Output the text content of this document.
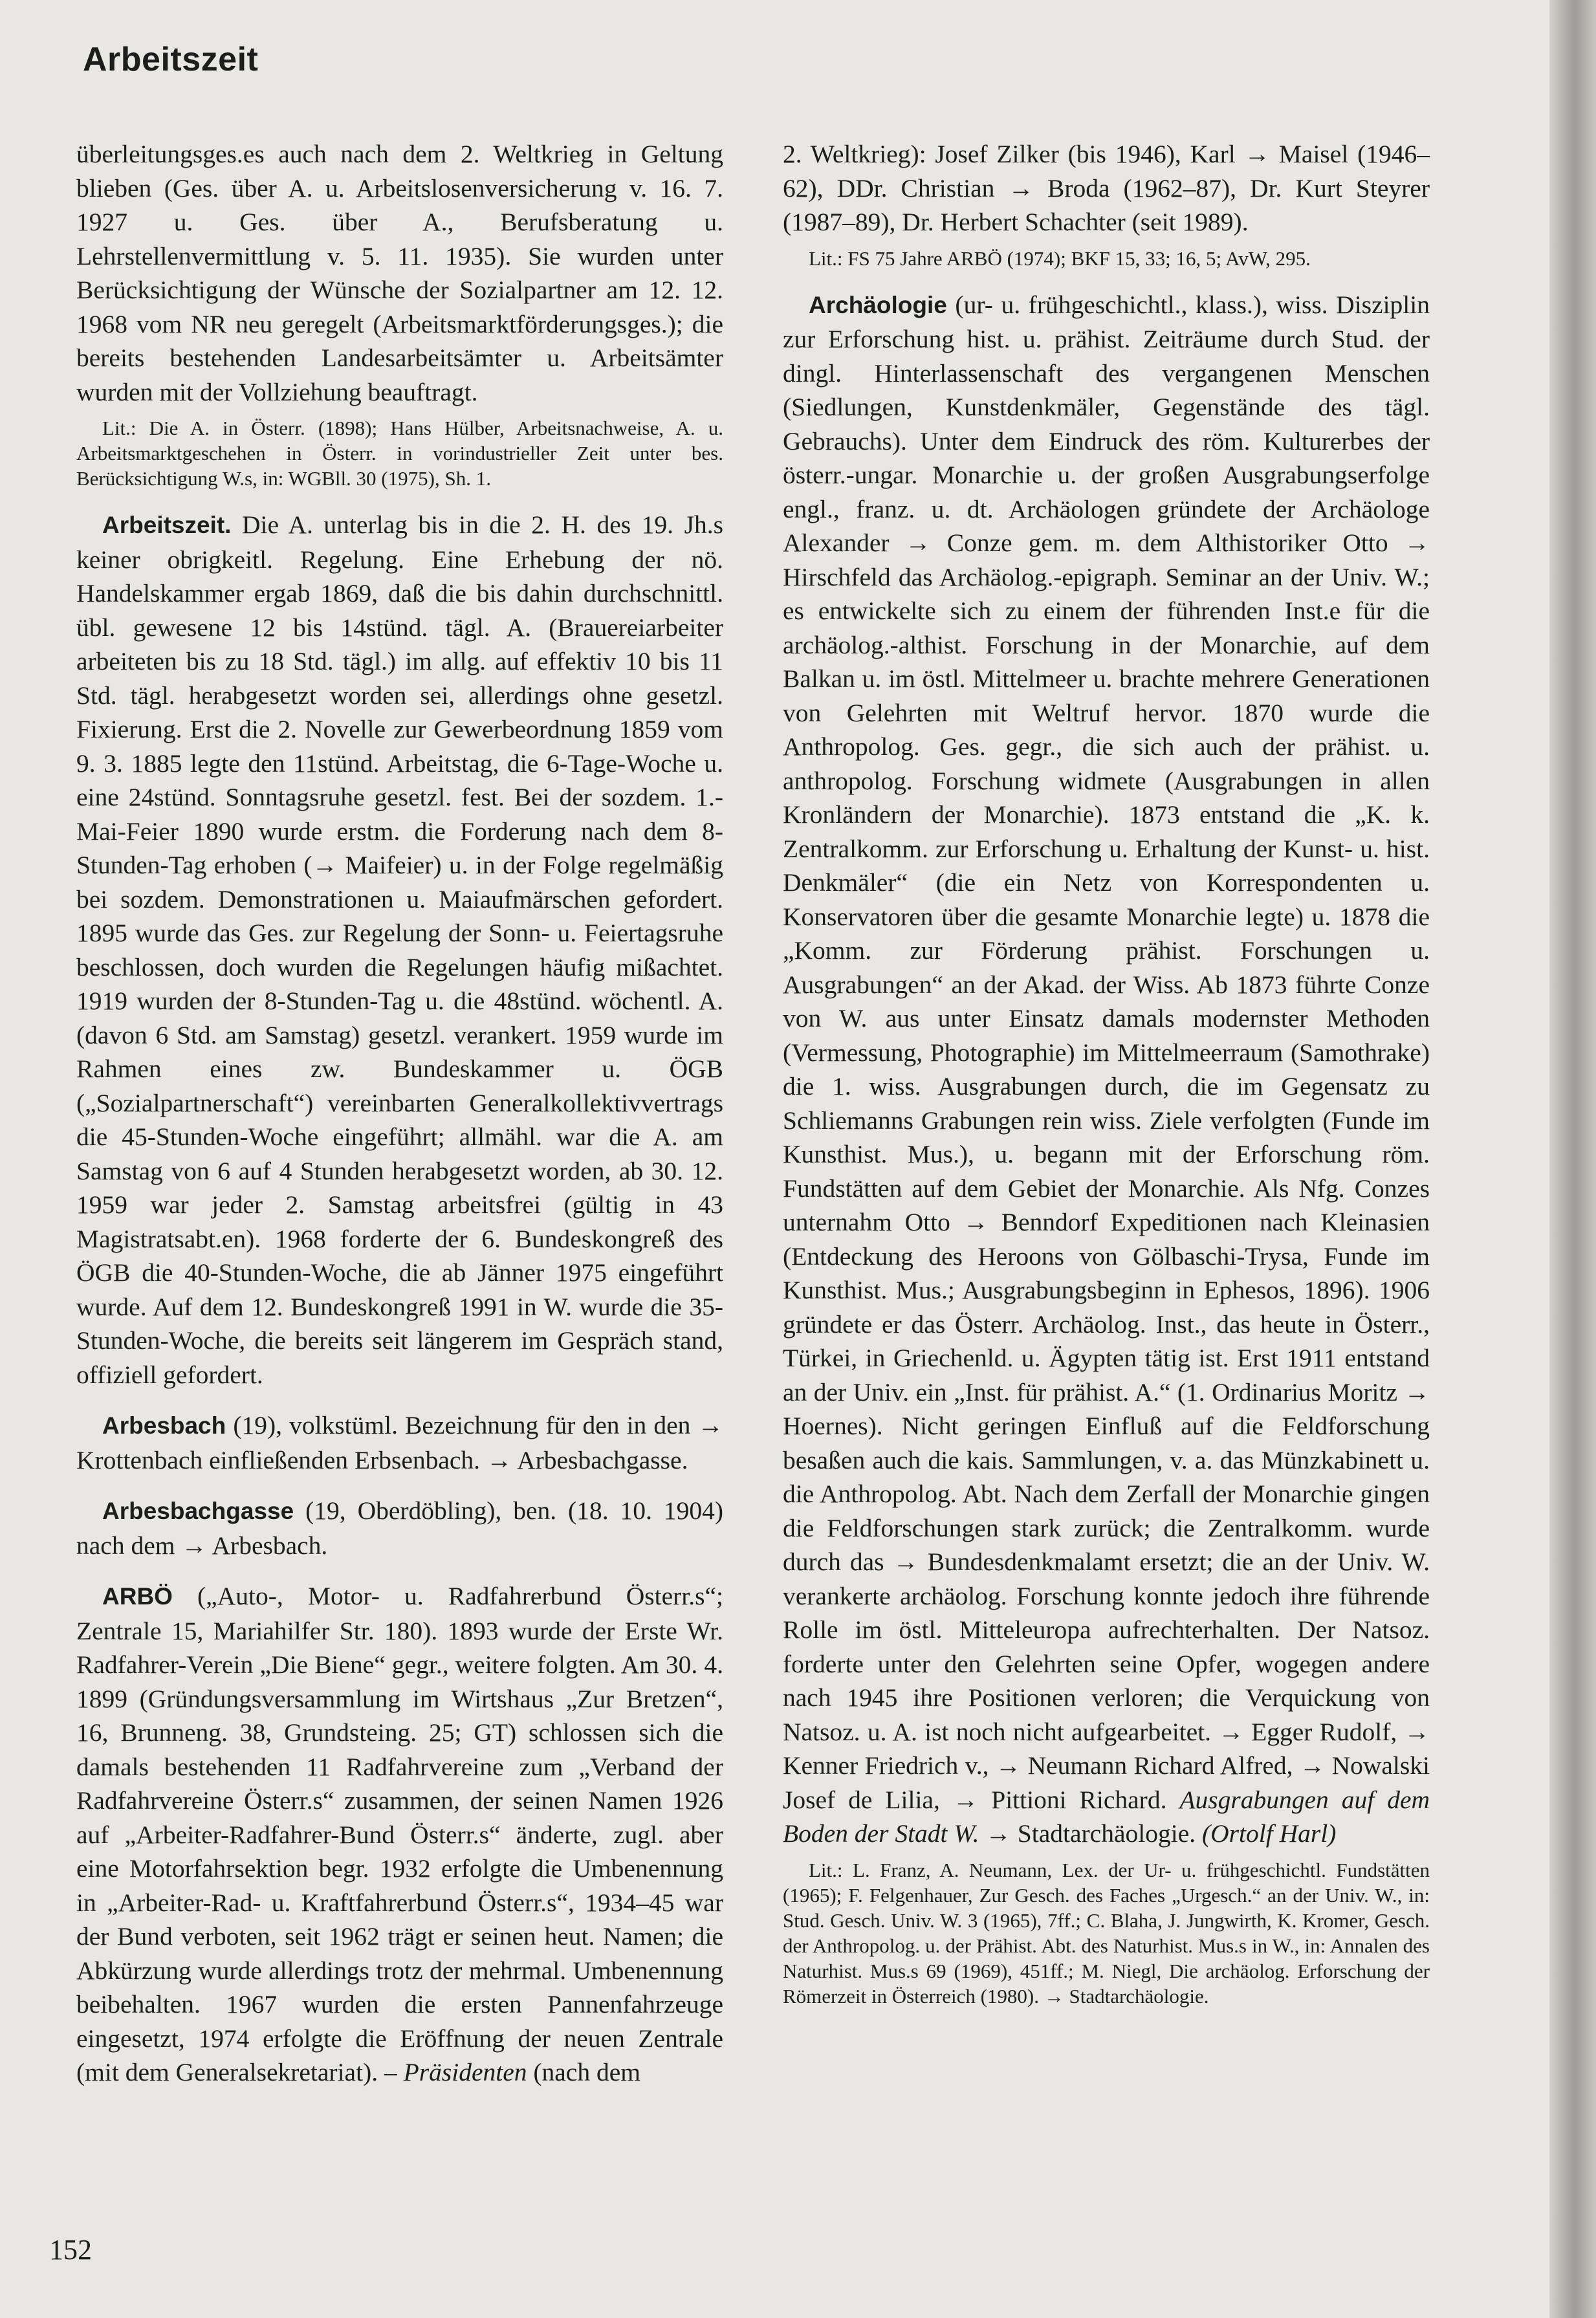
Arbeitszeit

überleitungsges.es auch nach dem 2. Weltkrieg in Geltung blieben (Ges. über A. u. Arbeitslosenversicherung v. 16. 7. 1927 u. Ges. über A., Berufsberatung u. Lehrstellenvermittlung v. 5. 11. 1935). Sie wurden unter Berücksichtigung der Wünsche der Sozialpartner am 12. 12. 1968 vom NR neu geregelt (Arbeitsmarktförderungsges.); die bereits bestehenden Landesarbeitsämter u. Arbeitsämter wurden mit der Vollziehung beauftragt.

Lit.: Die A. in Österr. (1898); Hans Hülber, Arbeitsnachweise, A. u. Arbeitsmarktgeschehen in Österr. in vorindustrieller Zeit unter bes. Berücksichtigung W.s, in: WGBll. 30 (1975), Sh. 1.

Arbeitszeit. Die A. unterlag bis in die 2. H. des 19. Jh.s keiner obrigkeitl. Regelung. Eine Erhebung der nö. Handelskammer ergab 1869, daß die bis dahin durchschnittl. übl. gewesene 12 bis 14stünd. tägl. A. (Brauereiarbeiter arbeiteten bis zu 18 Std. tägl.) im allg. auf effektiv 10 bis 11 Std. tägl. herabgesetzt worden sei, allerdings ohne gesetzl. Fixierung. Erst die 2. Novelle zur Gewerbeordnung 1859 vom 9. 3. 1885 legte den 11stünd. Arbeitstag, die 6-Tage-Woche u. eine 24stünd. Sonntagsruhe gesetzl. fest. Bei der sozdem. 1.-Mai-Feier 1890 wurde erstm. die Forderung nach dem 8-Stunden-Tag erhoben (→ Maifeier) u. in der Folge regelmäßig bei sozdem. Demonstrationen u. Maiaufmärschen gefordert. 1895 wurde das Ges. zur Regelung der Sonn- u. Feiertagsruhe beschlossen, doch wurden die Regelungen häufig mißachtet. 1919 wurden der 8-Stunden-Tag u. die 48stünd. wöchentl. A. (davon 6 Std. am Samstag) gesetzl. verankert. 1959 wurde im Rahmen eines zw. Bundeskammer u. ÖGB („Sozialpartnerschaft“) vereinbarten Generalkollektivvertrags die 45-Stunden-Woche eingeführt; allmähl. war die A. am Samstag von 6 auf 4 Stunden herabgesetzt worden, ab 30. 12. 1959 war jeder 2. Samstag arbeitsfrei (gültig in 43 Magistratsabt.en). 1968 forderte der 6. Bundeskongreß des ÖGB die 40-Stunden-Woche, die ab Jänner 1975 eingeführt wurde. Auf dem 12. Bundeskongreß 1991 in W. wurde die 35-Stunden-Woche, die bereits seit längerem im Gespräch stand, offiziell gefordert.

Arbesbach (19), volkstüml. Bezeichnung für den in den → Krottenbach einfließenden Erbsenbach. → Arbesbachgasse.

Arbesbachgasse (19, Oberdöbling), ben. (18. 10. 1904) nach dem → Arbesbach.

ARBÖ („Auto-, Motor- u. Radfahrerbund Österr.s“; Zentrale 15, Mariahilfer Str. 180). 1893 wurde der Erste Wr. Radfahrer-Verein „Die Biene“ gegr., weitere folgten. Am 30. 4. 1899 (Gründungsversammlung im Wirtshaus „Zur Bretzen“, 16, Brunneng. 38, Grundsteing. 25; GT) schlossen sich die damals bestehenden 11 Radfahrvereine zum „Verband der Radfahrvereine Österr.s“ zusammen, der seinen Namen 1926 auf „Arbeiter-Radfahrer-Bund Österr.s“ änderte, zugl. aber eine Motorfahrsektion begr. 1932 erfolgte die Umbenennung in „Arbeiter-Rad- u. Kraftfahrerbund Österr.s“, 1934–45 war der Bund verboten, seit 1962 trägt er seinen heut. Namen; die Abkürzung wurde allerdings trotz der mehrmal. Umbenennung beibehalten. 1967 wurden die ersten Pannenfahrzeuge eingesetzt, 1974 erfolgte die Eröffnung der neuen Zentrale (mit dem Generalsekretariat). – Präsidenten (nach dem

2. Weltkrieg): Josef Zilker (bis 1946), Karl → Maisel (1946–62), DDr. Christian → Broda (1962–87), Dr. Kurt Steyrer (1987–89), Dr. Herbert Schachter (seit 1989).

Lit.: FS 75 Jahre ARBÖ (1974); BKF 15, 33; 16, 5; AvW, 295.

Archäologie (ur- u. frühgeschichtl., klass.), wiss. Disziplin zur Erforschung hist. u. prähist. Zeiträume durch Stud. der dingl. Hinterlassenschaft des vergangenen Menschen (Siedlungen, Kunstdenkmäler, Gegenstände des tägl. Gebrauchs). Unter dem Eindruck des röm. Kulturerbes der österr.-ungar. Monarchie u. der großen Ausgrabungserfolge engl., franz. u. dt. Archäologen gründete der Archäologe Alexander → Conze gem. m. dem Althistoriker Otto → Hirschfeld das Archäolog.-epigraph. Seminar an der Univ. W.; es entwickelte sich zu einem der führenden Inst.e für die archäolog.-althist. Forschung in der Monarchie, auf dem Balkan u. im östl. Mittelmeer u. brachte mehrere Generationen von Gelehrten mit Weltruf hervor. 1870 wurde die Anthropolog. Ges. gegr., die sich auch der prähist. u. anthropolog. Forschung widmete (Ausgrabungen in allen Kronländern der Monarchie). 1873 entstand die „K. k. Zentralkomm. zur Erforschung u. Erhaltung der Kunst- u. hist. Denkmäler“ (die ein Netz von Korrespondenten u. Konservatoren über die gesamte Monarchie legte) u. 1878 die „Komm. zur Förderung prähist. Forschungen u. Ausgrabungen“ an der Akad. der Wiss. Ab 1873 führte Conze von W. aus unter Einsatz damals modernster Methoden (Vermessung, Photographie) im Mittelmeerraum (Samothrake) die 1. wiss. Ausgrabungen durch, die im Gegensatz zu Schliemanns Grabungen rein wiss. Ziele verfolgten (Funde im Kunsthist. Mus.), u. begann mit der Erforschung röm. Fundstätten auf dem Gebiet der Monarchie. Als Nfg. Conzes unternahm Otto → Benndorf Expeditionen nach Kleinasien (Entdeckung des Heroons von Gölbaschi-Trysa, Funde im Kunsthist. Mus.; Ausgrabungsbeginn in Ephesos, 1896). 1906 gründete er das Österr. Archäolog. Inst., das heute in Österr., Türkei, in Griechenld. u. Ägypten tätig ist. Erst 1911 entstand an der Univ. ein „Inst. für prähist. A.“ (1. Ordinarius Moritz → Hoernes). Nicht geringen Einfluß auf die Feldforschung besaßen auch die kais. Sammlungen, v. a. das Münzkabinett u. die Anthropolog. Abt. Nach dem Zerfall der Monarchie gingen die Feldforschungen stark zurück; die Zentralkomm. wurde durch das → Bundesdenkmalamt ersetzt; die an der Univ. W. verankerte archäolog. Forschung konnte jedoch ihre führende Rolle im östl. Mitteleuropa aufrechterhalten. Der Natsoz. forderte unter den Gelehrten seine Opfer, wogegen andere nach 1945 ihre Positionen verloren; die Verquickung von Natsoz. u. A. ist noch nicht aufgearbeitet. → Egger Rudolf, → Kenner Friedrich v., → Neumann Richard Alfred, → Nowalski Josef de Lilia, → Pittioni Richard. Ausgrabungen auf dem Boden der Stadt W. → Stadtarchäologie. (Ortolf Harl)

Lit.: L. Franz, A. Neumann, Lex. der Ur- u. frühgeschichtl. Fundstätten (1965); F. Felgenhauer, Zur Gesch. des Faches „Urgesch.“ an der Univ. W., in: Stud. Gesch. Univ. W. 3 (1965), 7ff.; C. Blaha, J. Jungwirth, K. Kromer, Gesch. der Anthropolog. u. der Prähist. Abt. des Naturhist. Mus.s in W., in: Annalen des Naturhist. Mus.s 69 (1969), 451ff.; M. Niegl, Die archäolog. Erforschung der Römerzeit in Österreich (1980). → Stadtarchäologie.

152
